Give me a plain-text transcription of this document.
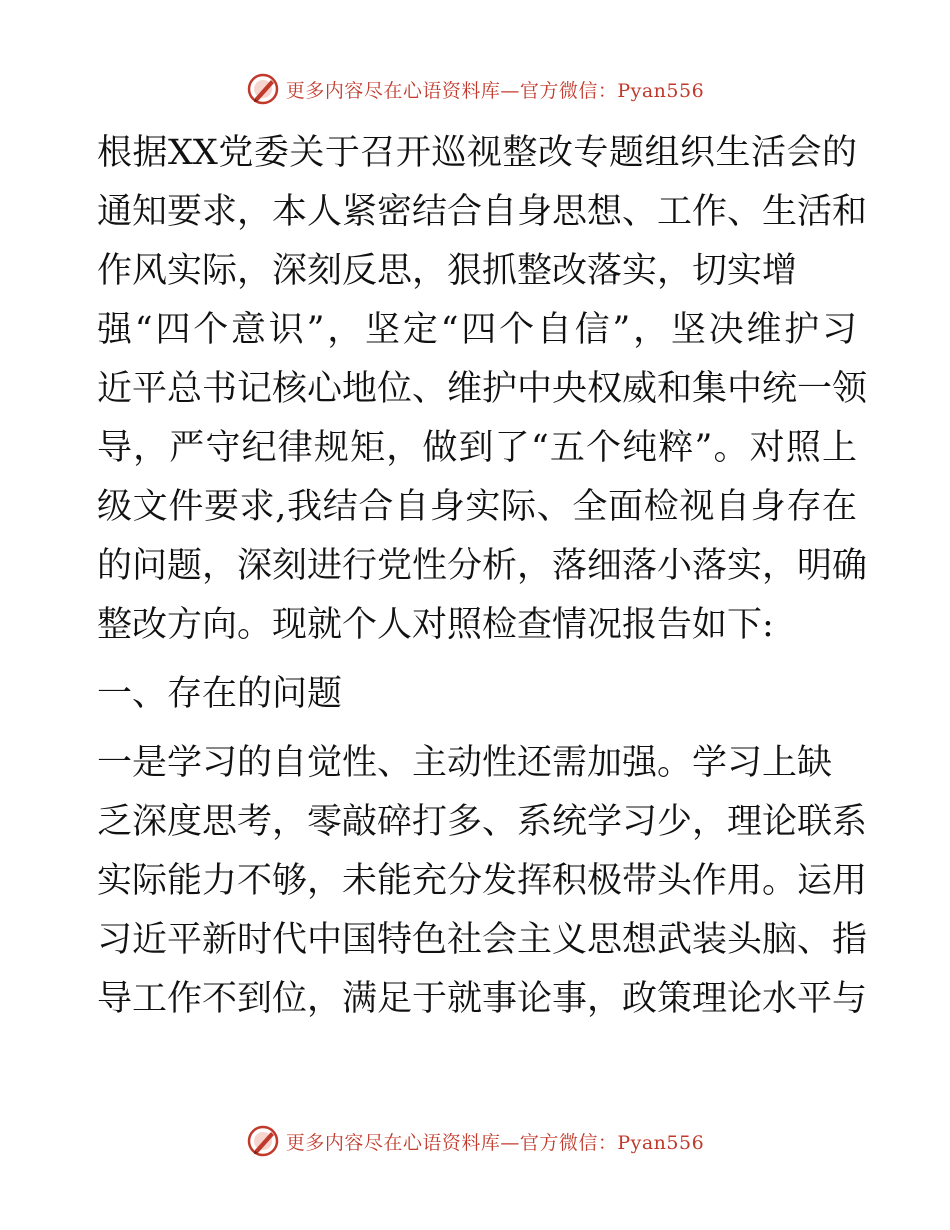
更多内容尽在心语资料库—官方微信：Pyan556
根据XX党委关于召开巡视整改专题组织生活会的
通知要求，本人紧密结合自身思想、工作、生活和
作风实际，深刻反思，狠抓整改落实，切实增
强“四个意识”，坚定“四个自信”，坚决维护习
近平总书记核心地位、维护中央权威和集中统一领
导，严守纪律规矩，做到了“五个纯粹”。对照上
级文件要求,我结合自身实际、全面检视自身存在
的问题，深刻进行党性分析，落细落小落实，明确
整改方向。现就个人对照检查情况报告如下:
一、存在的问题
一是学习的自觉性、主动性还需加强。学习上缺
乏深度思考，零敲碎打多、系统学习少，理论联系
实际能力不够，未能充分发挥积极带头作用。运用
习近平新时代中国特色社会主义思想武装头脑、指
导工作不到位，满足于就事论事，政策理论水平与
更多内容尽在心语资料库—官方微信：Pyan556
